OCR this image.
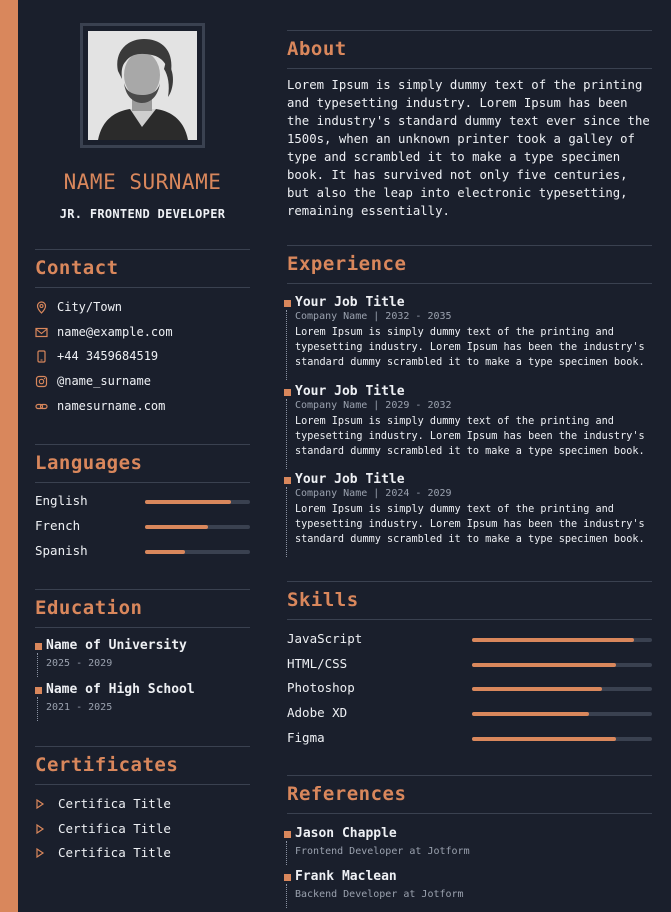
NAME SURNAME
JR. FRONTEND DEVELOPER
Contact
City/Town
name@example.com
+44 3459684519
@name_surname
namesurname.com
Languages
English
French
Spanish
Education
Name of University
2025 - 2029
Name of High School
2021 - 2025
Certificates
Certifica Title
Certifica Title
Certifica Title
About
Lorem Ipsum is simply dummy text of the printing and typesetting industry. Lorem Ipsum has been the industry's standard dummy text ever since the 1500s, when an unknown printer took a galley of type and scrambled it to make a type specimen book. It has survived not only five centuries, but also the leap into electronic typesetting, remaining essentially.
Experience
Your Job Title
Company Name | 2032 - 2035
Lorem Ipsum is simply dummy text of the printing and typesetting industry. Lorem Ipsum has been the industry's standard dummy scrambled it to make a type specimen book.
Your Job Title
Company Name | 2029 - 2032
Lorem Ipsum is simply dummy text of the printing and typesetting industry. Lorem Ipsum has been the industry's standard dummy scrambled it to make a type specimen book.
Your Job Title
Company Name | 2024 - 2029
Lorem Ipsum is simply dummy text of the printing and typesetting industry. Lorem Ipsum has been the industry's standard dummy scrambled it to make a type specimen book.
Skills
JavaScript
HTML/CSS
Photoshop
Adobe XD
Figma
References
Jason Chapple
Frontend Developer at Jotform
Frank Maclean
Backend Developer at Jotform
